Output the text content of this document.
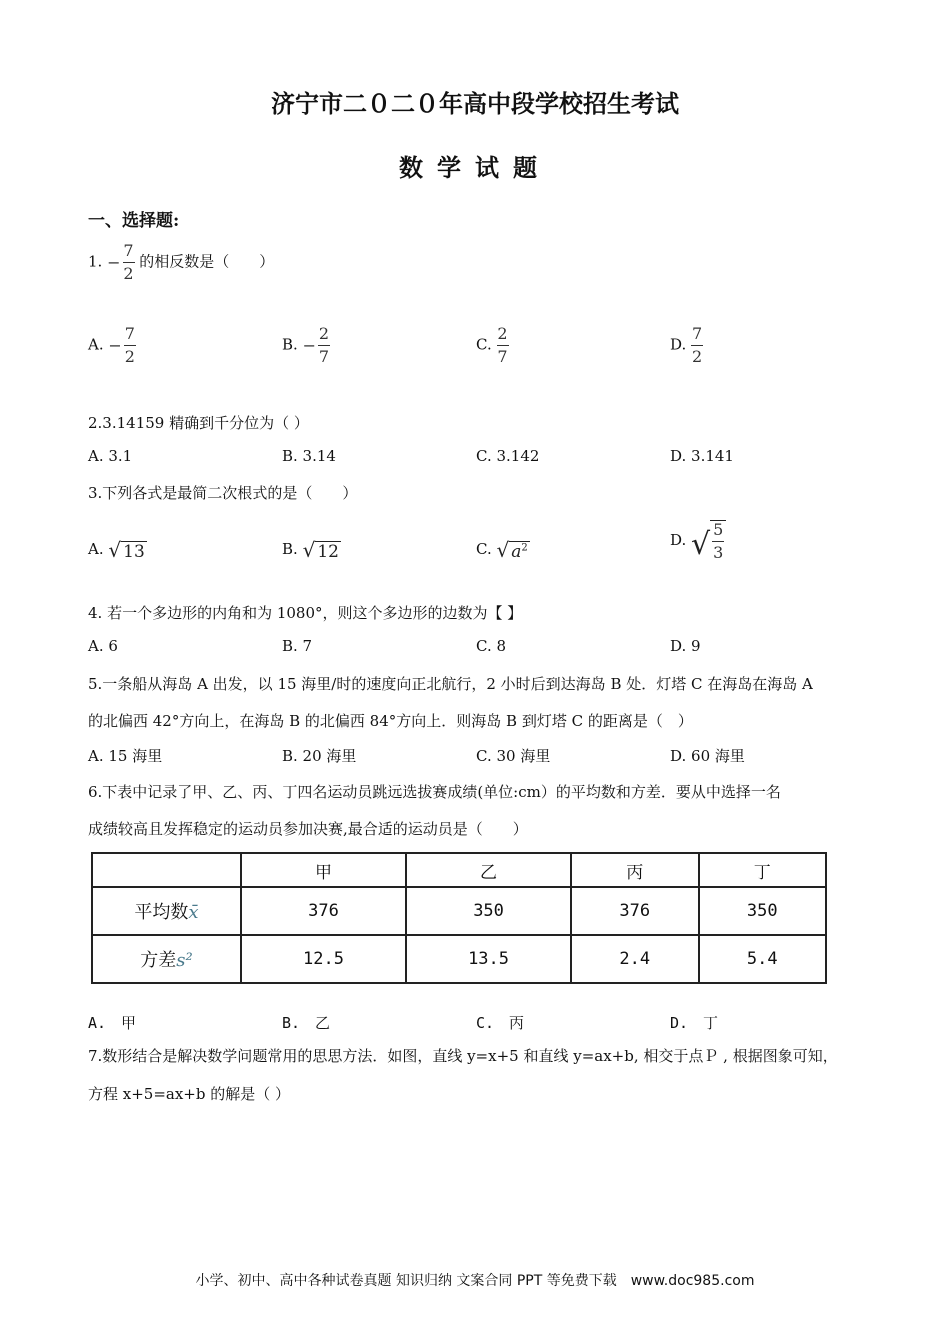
济宁市二０二０年高中段学校招生考试
数学试题
一、选择题:
1. − $\frac{7}{2}$ 的相反数是（　　）
A. − $\frac{7}{2}$	B. − $\frac{2}{7}$	C. $\frac{2}{7}$	D. $\frac{7}{2}$
2.3.14159 精确到千分位为（ ）
A. 3.1	B. 3.14	C. 3.142	D. 3.141
3.下列各式是最简二次根式的是（　　）
A. √ 13	B. √ 12	C. √ $a^2$	D. √ $\frac{5}{3}$
4. 若一个多边形的内角和为 1080°，则这个多边形的边数为【 】
A. 6	B. 7	C. 8	D. 9
5.一条船从海岛 A 出发，以 15 海里/时的速度向正北航行，2 小时后到达海岛 B 处．灯塔 C 在海岛在海岛 A
的北偏西 42°方向上，在海岛 B 的北偏西 84°方向上．则海岛 B 到灯塔 C 的距离是（　）
A. 15 海里	B. 20 海里	C. 30 海里	D. 60 海里
6.下表中记录了甲、乙、丙、丁四名运动员跳远选拔赛成绩(单位:cm）的平均数和方差．要从中选择一名
成绩较高且发挥稳定的运动员参加决赛,最合适的运动员是（　　）
	甲	乙	丙	丁
平均数x̄	376	350	376	350
方差s²	12.5	13.5	2.4	5.4
A.　甲	B.　乙	C.　丙	D.　丁
7.数形结合是解决数学问题常用的思思方法．如图，直线 y=x+5 和直线 y=ax+b, 相交于点Ｐ , 根据图象可知，
方程 x+5=ax+b 的解是（ ）
小学、初中、高中各种试卷真题 知识归纳 文案合同 PPT 等免费下载　www.doc985.com
